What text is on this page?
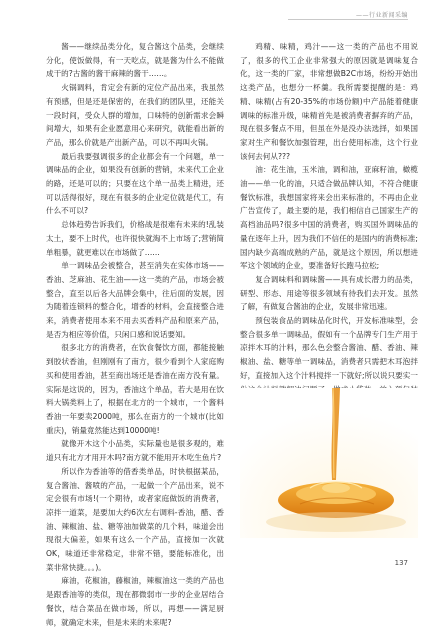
——行业新闻采编

酱——继续品类分化，复合酱这个品类，会继续分化，使饭做得，有一天吃点，就是酱为什么不能做成干的?古酱的酱干麻辣的酱干……。

火锅调料，肯定会有新的定位产品出来，我虽然有预感，但是还是保密的，在我们的团队里，还能关一段时间，受众人群的增加，口味特的创新需求会瞬间增大，如果有企业愿意用心来研究，就能看出新的产品，那么价就是产出新产品，可以不再叫火锅。

最后我要强调很多的企业都会有一个问题，单一调味品的企业，如果没有创新的营销，未来代工企业的路，还是可以的；只要在这个单一品类上精进，还可以活得很好，现在有很多的企业定位就是代工，有什么不可以?

总体趋势告诉我们，价格战是很难有未来的!乱装太土，要不上时代，也许很快就淘不上市场了;营销简单粗暴，就更难以在市场做了……

单一调味品会被整合，甚至消失在实体市场——香油、芝麻油、花生油——这一类的产品，市场会被整合，直至以后各大品牌会集中，往后面的发展，因为随着连锁料的整合化，增香的材料，会直接整合进来，消费者使用本来不用去买香料产品和原来产品，是否为相应等价值，只闲口感和说话要知。

很多北方的消费者，在饮食餐饮方面，都能接触到胶状香油，但刚刚有了南方，很少看到个人家庭购买和使用香油，甚至商出场还是香油在南方没有量。实际是这说的，因为，香油这个单品，若大是用在饮料大锅类料上了，根据在北方的一个城市，一个酱料香油一年要卖2000吨，那么在南方的一个城市(比如重庆)，销量竟然能达到10000吨!

就像开木这个小品类，实际量也是很多观的，难道只有北方才用开木吗?南方就不能用开木吃生鱼片?

所以作为香油等的借香类单品，时快根据某品，复合酱油、酱喷的产品，一起做一个产品出来，说不定会很有市场!(一个期待，或者家庭做饭的消费者，凉拌一道菜，是要加大约6次左右调料-香油，醋、香油、辣椒油、盐、糖等油加做菜的几个料，味道会出现很大偏差，如果有这么一个产品，直接加一次就OK，味道还非常稳定，非常不错，要能标准化，出菜非常快捷。。。)。

麻油，花椒油，藤椒油，辣椒油这一类的产品也是跟香油等的类似，现在都微弱市一步的企业居结合餐饮，结合菜品在做市场，所以，再想——满足厨师，就确定未来，但是未来的未来呢?

鸡精、味精，鸡汁——这一类的产品也不用说了，很多的代工企业非常强大的原因就是调味复合化，这一类的厂家，非常想做B2C市场，纷纷开始出这类产品，也想分一杯羹。我所需要提醒的是：鸡精、味精(占有20-35%的市场份额)中产品能着健康调味的标准升级，味精首先是被消费者摒弃的产品，现在很多餐点不用，但虽在外是没办法选择，如果国家对生产和餐饮加强管理，出台使用标准，这个行业该何去何从???

油：花生油，玉米油，调和油，亚麻籽油，橄榄油——单一化的油，只适合做品牌认知，不符合健康餐饮标准，我想国家将来会出来标准的，不再由企业广告宣传了，最主要的是，我们相信自己国家生产的高档油品吗?很多中国的消费者，购买国外调味品的量在逐年上升，因为我们不信任的是国内的消费标准;国内缺少高端成熟的产品，就是这个原因，所以想进军这个领域的企业，要准备好长跑马拉松;

复合调味料和调味酱——具有成长潜力的品类，研型、形态、用途等很多领域有待我们去开发。虽然了解，有做复合酱油的企业，发展非常迅速。

预包装食品的调味品化时代，开发标准味型，会整合很多单一调味品，假如有一个品牌专门生产用于凉拌木耳的汁料，那么色会整合酱油、醋、香油、辣椒油、盐、糖等单一调味品，消费者只需把木耳泡拌好，直接加入这个汁料搅拌一下就好;所以说只要实一

137
